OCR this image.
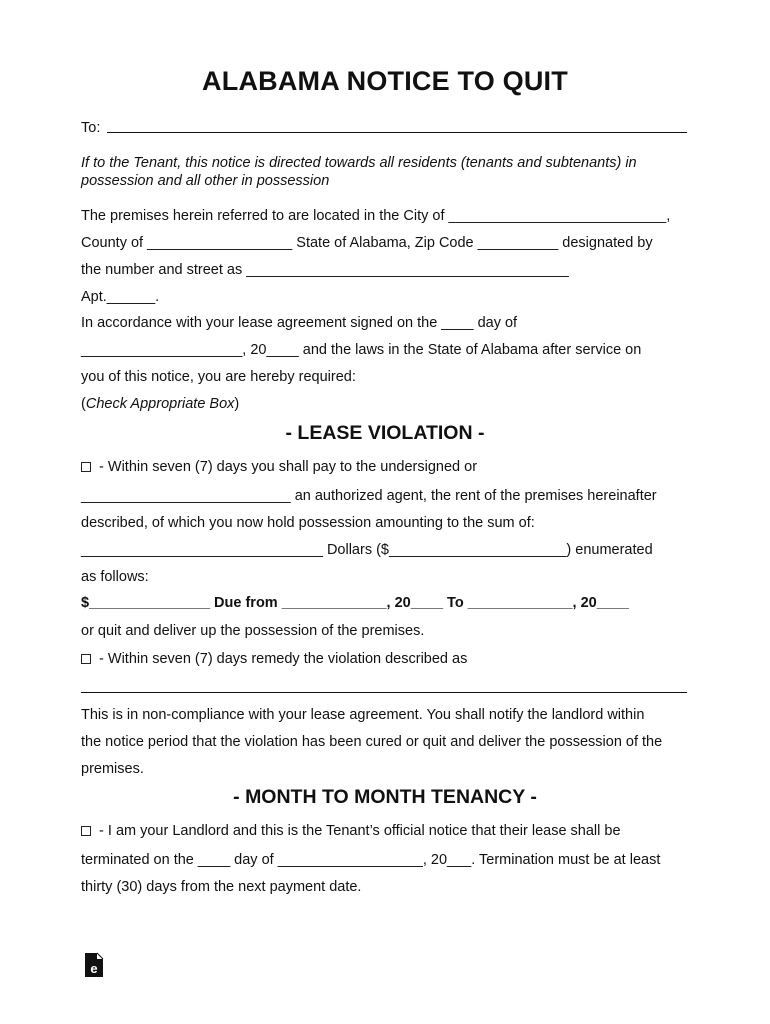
ALABAMA NOTICE TO QUIT
To:
If to the Tenant, this notice is directed towards all residents (tenants and subtenants) in
possession and all other in possession
The premises herein referred to are located in the City of ___________________________,
County of __________________ State of Alabama, Zip Code __________ designated by
the number and street as ________________________________________
Apt.______.
In accordance with your lease agreement signed on the ____ day of
____________________, 20____ and the laws in the State of Alabama after service on
you of this notice, you are hereby required:
(Check Appropriate Box)
- LEASE VIOLATION -
- Within seven (7) days you shall pay to the undersigned or
__________________________ an authorized agent, the rent of the premises hereinafter
described, of which you now hold possession amounting to the sum of:
______________________________ Dollars ($______________________) enumerated
as follows:
$_______________ Due from _____________, 20____ To _____________, 20____
or quit and deliver up the possession of the premises.
- Within seven (7) days remedy the violation described as
This is in non-compliance with your lease agreement. You shall notify the landlord within
the notice period that the violation has been cured or quit and deliver the possession of the
premises.
- MONTH TO MONTH TENANCY -
- I am your Landlord and this is the Tenant’s official notice that their lease shall be
terminated on the ____ day of __________________, 20___. Termination must be at least
thirty (30) days from the next payment date.
e
